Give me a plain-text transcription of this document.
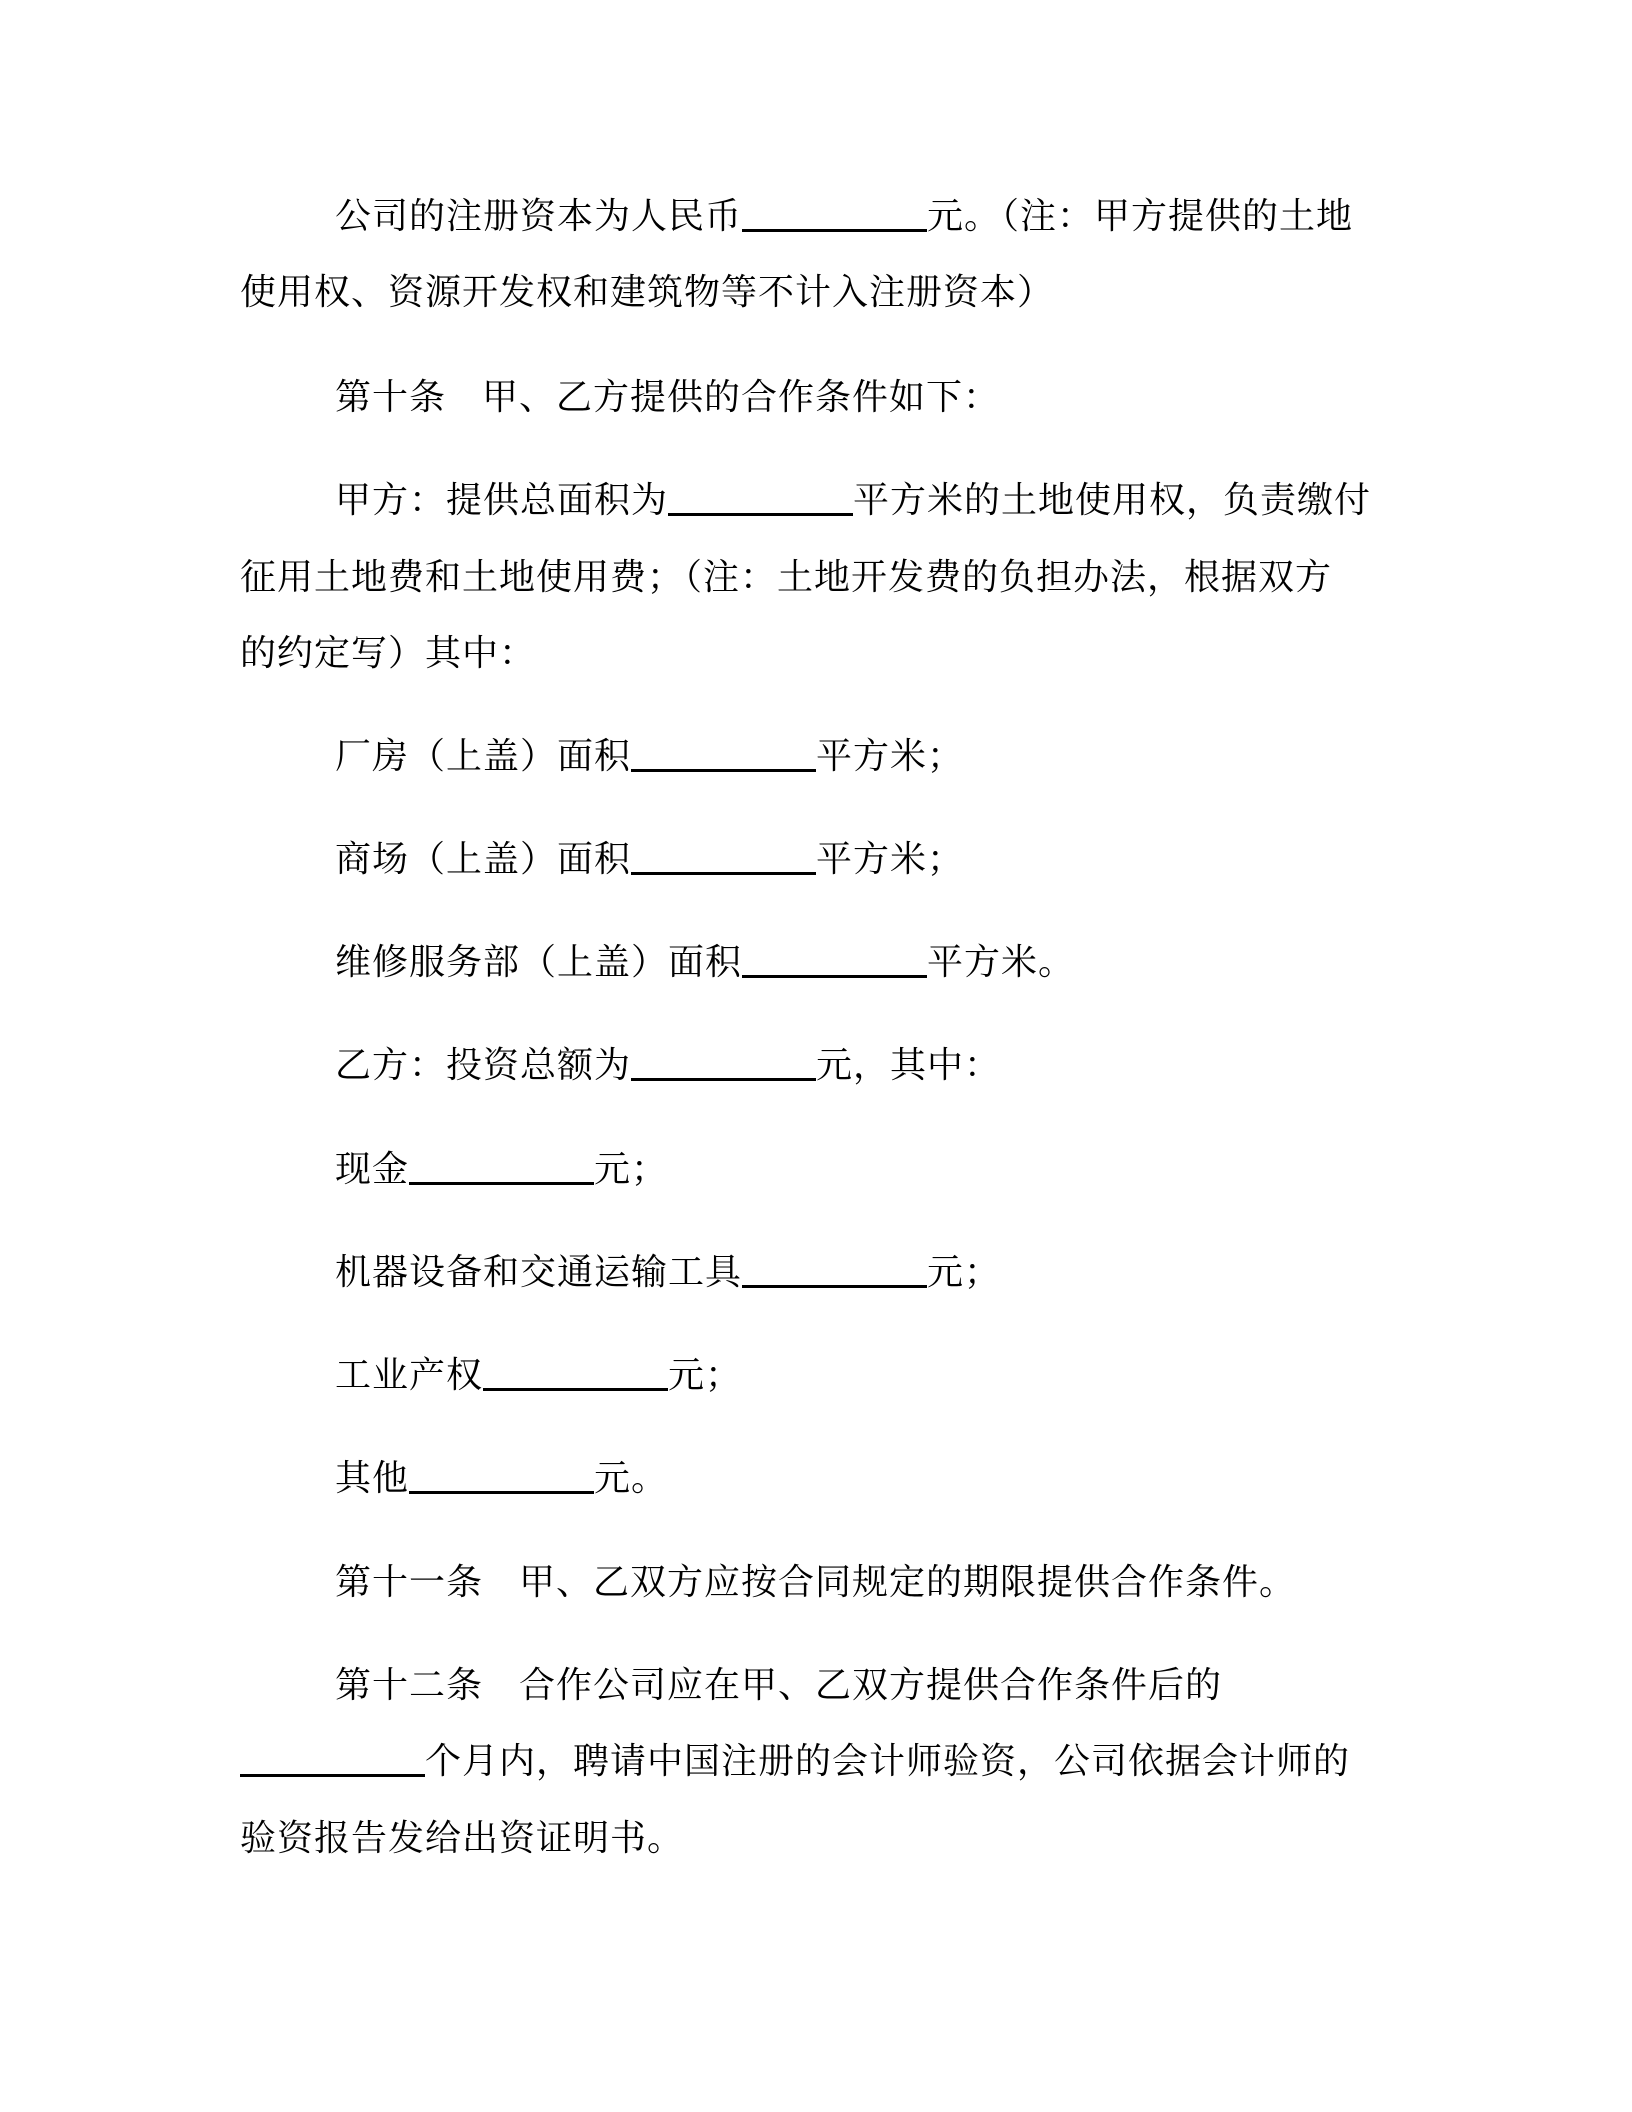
公司的注册资本为人民币	元。（注：甲方提供的土地
使用权、资源开发权和建筑物等不计入注册资本）
第十条 甲、乙方提供的合作条件如下：
甲方：提供总面积为	平方米的土地使用权，负责缴付
征用土地费和土地使用费；（注：土地开发费的负担办法，根据双方
的约定写）其中：
厂房（上盖）面积	平方米；
商场（上盖）面积	平方米；
维修服务部（上盖）面积	平方米。
乙方：投资总额为	元，其中：
现金	元；
机器设备和交通运输工具	元；
工业产权	元；
其他	元。
第十一条 甲、乙双方应按合同规定的期限提供合作条件。
第十二条 合作公司应在甲、乙双方提供合作条件后的
个月内，聘请中国注册的会计师验资，公司依据会计师的
验资报告发给出资证明书。
